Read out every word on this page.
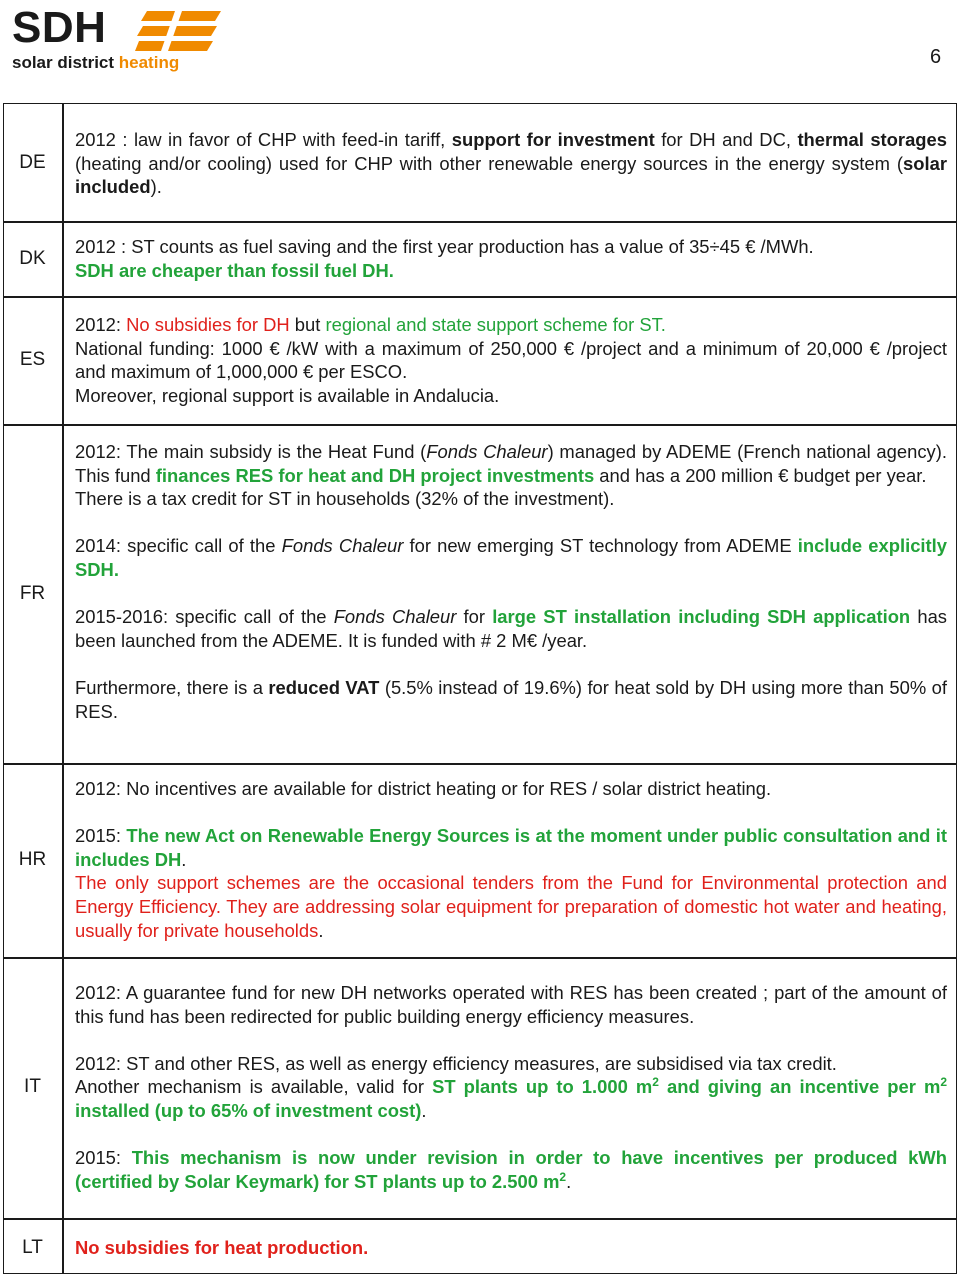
SDH
solar district heating	6
DE

2012 : law in favor of CHP with feed-in tariff, support for investment for DH and DC, thermal storages (heating and/or cooling) used for CHP with other renewable energy sources in the energy system (solar included).

DK

2012 : ST counts as fuel saving and the first year production has a value of 35÷45 € /MWh.
SDH are cheaper than fossil fuel DH.

ES

2012: No subsidies for DH but regional and state support scheme for ST.

National funding: 1000 € /kW with a maximum of 250,000 € /project and a minimum of 20,000 € /project and maximum of 1,000,000 € per ESCO.

Moreover, regional support is available in Andalucia.

FR

2012: The main subsidy is the Heat Fund (Fonds Chaleur) managed by ADEME (French national agency). This fund finances RES for heat and DH project investments and has a 200 million € budget per year.

There is a tax credit for ST in households (32% of the investment).

2014: specific call of the Fonds Chaleur for new emerging ST technology from ADEME include explicitly SDH.

2015-2016: specific call of the Fonds Chaleur for large ST installation including SDH application has been launched from the ADEME. It is funded with # 2 M€ /year.

Furthermore, there is a reduced VAT (5.5% instead of 19.6%) for heat sold by DH using more than 50% of RES.

HR

2012: No incentives are available for district heating or for RES / solar district heating.

2015: The new Act on Renewable Energy Sources is at the moment under public consultation and it includes DH.

The only support schemes are the occasional tenders from the Fund for Environmental protection and Energy Efficiency. They are addressing solar equipment for preparation of domestic hot water and heating, usually for private households.

IT

2012: A guarantee fund for new DH networks operated with RES has been created ; part of the amount of this fund has been redirected for public building energy efficiency measures.

2012: ST and other RES, as well as energy efficiency measures, are subsidised via tax credit.

Another mechanism is available, valid for ST plants up to 1.000 $m^2$ and giving an incentive per $m^2$ installed (up to 65% of investment cost).

2015: This mechanism is now under revision in order to have incentives per produced kWh (certified by Solar Keymark) for ST plants up to 2.500 $m^2$.

LT	No subsidies for heat production.
